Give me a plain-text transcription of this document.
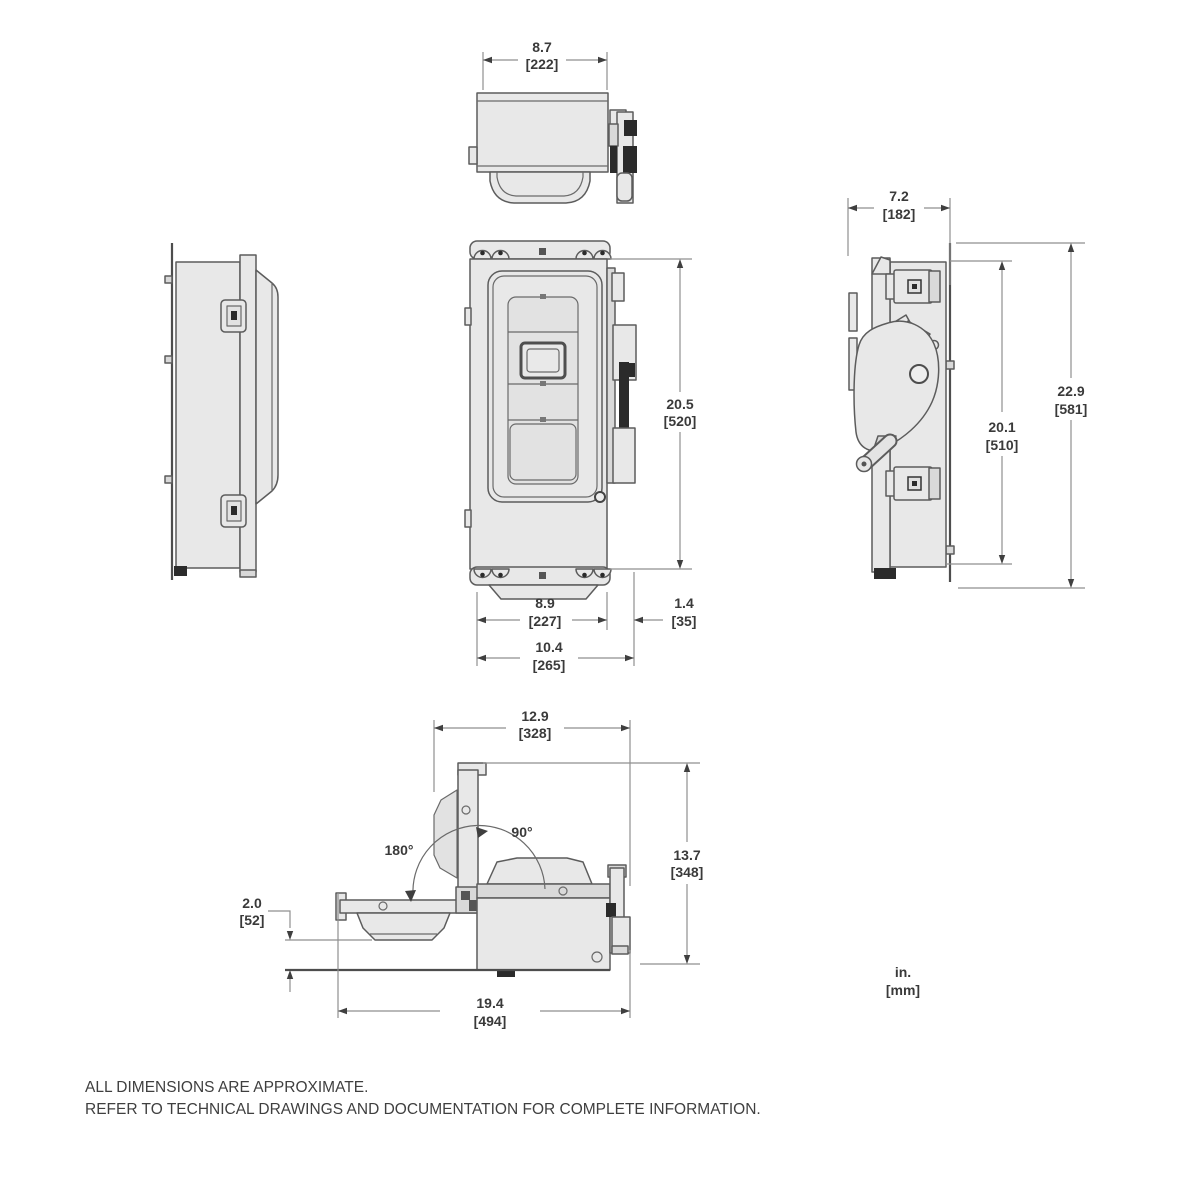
8.7
[222]
20.5
[520]
8.9
[227]
1.4
[35]
10.4
[265]
7.2
[182]
20.1
[510]
22.9
[581]
180°
90°
12.9
[328]
13.7
[348]
2.0
[52]
19.4
[494]
in.
[mm]
ALL DIMENSIONS ARE APPROXIMATE.
REFER TO TECHNICAL DRAWINGS AND DOCUMENTATION FOR COMPLETE INFORMATION.
